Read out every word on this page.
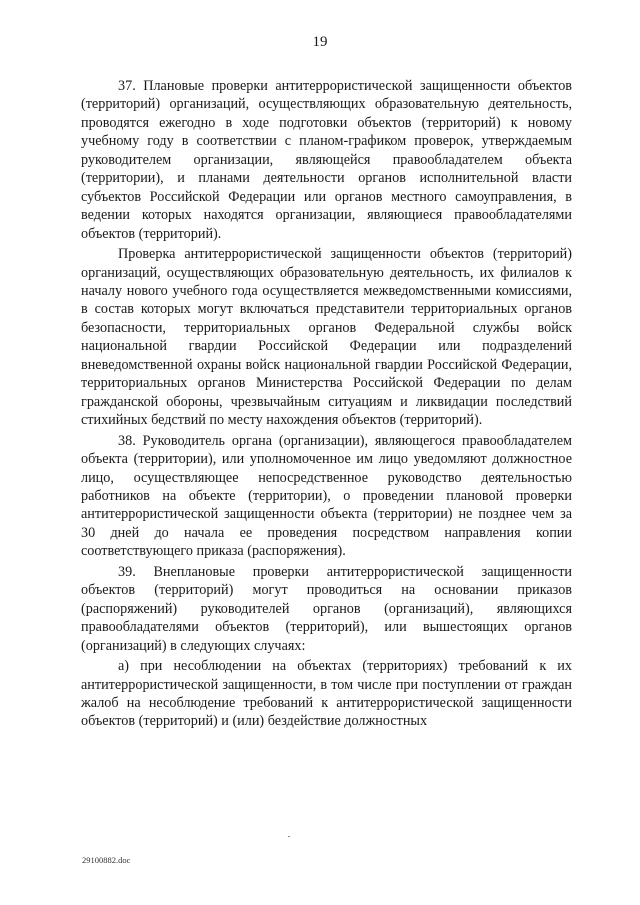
19

37. Плановые проверки антитеррористической защищенности объектов (территорий) организаций, осуществляющих образовательную деятельность, проводятся ежегодно в ходе подготовки объектов (территорий) к новому учебному году в соответствии с планом-графиком проверок, утверждаемым руководителем организации, являющейся правообладателем объекта (территории), и планами деятельности органов исполнительной власти субъектов Российской Федерации или органов местного самоуправления, в ведении которых находятся организации, являющиеся правообладателями объектов (территорий).

Проверка антитеррористической защищенности объектов (территорий) организаций, осуществляющих образовательную деятельность, их филиалов к началу нового учебного года осуществляется межведомственными комиссиями, в состав которых могут включаться представители территориальных органов безопасности, территориальных органов Федеральной службы войск национальной гвардии Российской Федерации или подразделений вневедомственной охраны войск национальной гвардии Российской Федерации, территориальных органов Министерства Российской Федерации по делам гражданской обороны, чрезвычайным ситуациям и ликвидации последствий стихийных бедствий по месту нахождения объектов (территорий).

38. Руководитель органа (организации), являющегося правообладателем объекта (территории), или уполномоченное им лицо уведомляют должностное лицо, осуществляющее непосредственное руководство деятельностью работников на объекте (территории), о проведении плановой проверки антитеррористической защищенности объекта (территории) не позднее чем за 30 дней до начала ее проведения посредством направления копии соответствующего приказа (распоряжения).

39. Внеплановые проверки антитеррористической защищенности объектов (территорий) могут проводиться на основании приказов (распоряжений) руководителей органов (организаций), являющихся правообладателями объектов (территорий), или вышестоящих органов (организаций) в следующих случаях:

а) при несоблюдении на объектах (территориях) требований к их антитеррористической защищенности, в том числе при поступлении от граждан жалоб на несоблюдение требований к антитеррористической защищенности объектов (территорий) и (или) бездействие должностных

29100882.doc
